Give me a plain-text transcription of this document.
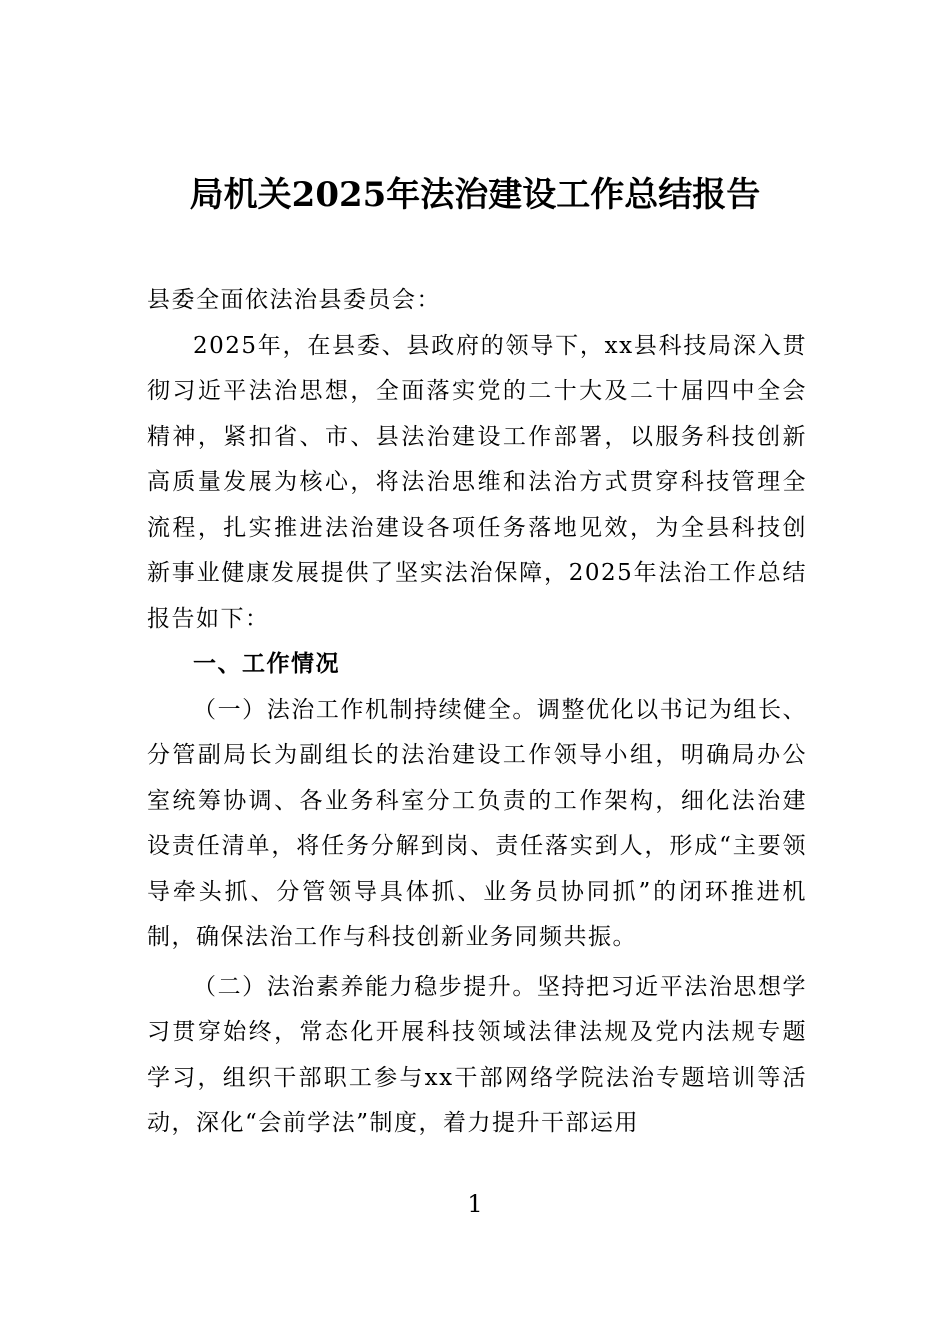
局机关2025年法治建设工作总结报告

县委全面依法治县委员会：

2025年，在县委、县政府的领导下，xx县科技局深入贯彻习近平法治思想，全面落实党的二十大及二十届四中全会精神，紧扣省、市、县法治建设工作部署，以服务科技创新高质量发展为核心，将法治思维和法治方式贯穿科技管理全流程，扎实推进法治建设各项任务落地见效，为全县科技创新事业健康发展提供了坚实法治保障，2025年法治工作总结报告如下：

一、工作情况

（一）法治工作机制持续健全。调整优化以书记为组长、分管副局长为副组长的法治建设工作领导小组，明确局办公室统筹协调、各业务科室分工负责的工作架构，细化法治建设责任清单，将任务分解到岗、责任落实到人，形成“主要领导牵头抓、分管领导具体抓、业务员协同抓”的闭环推进机制，确保法治工作与科技创新业务同频共振。

（二）法治素养能力稳步提升。坚持把习近平法治思想学习贯穿始终，常态化开展科技领域法律法规及党内法规专题学习，组织干部职工参与xx干部网络学院法治专题培训等活动，深化“会前学法”制度，着力提升干部运用

1
